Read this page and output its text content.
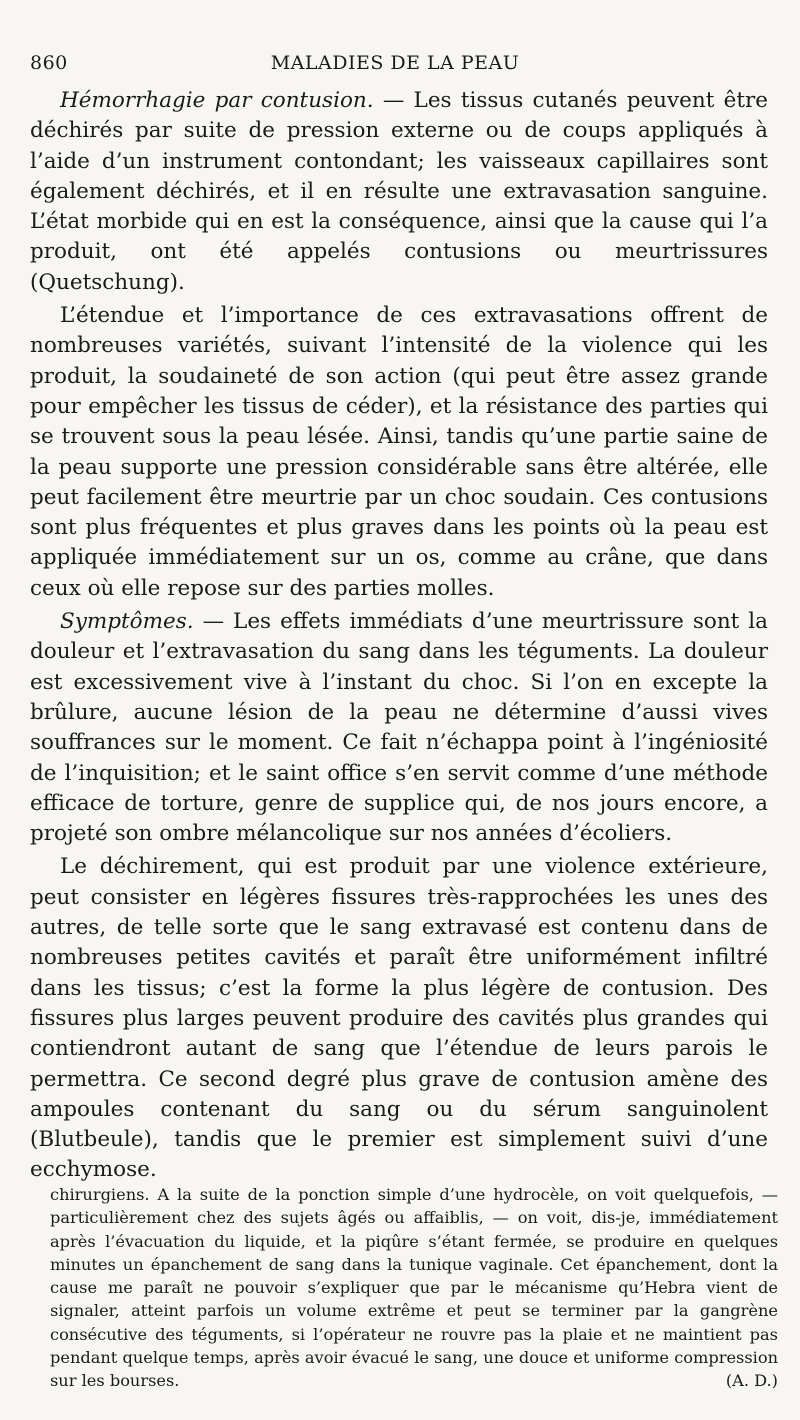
860	MALADIES DE LA PEAU

Hémorrhagie par contusion. — Les tissus cutanés peuvent être déchirés par suite de pression externe ou de coups appliqués à l’aide d’un instrument contondant; les vaisseaux capillaires sont également déchirés, et il en résulte une extravasation sanguine. L’état morbide qui en est la conséquence, ainsi que la cause qui l’a produit, ont été appelés contusions ou meurtrissures (Quetschung).

L’étendue et l’importance de ces extravasations offrent de nombreuses variétés, suivant l’intensité de la violence qui les produit, la soudaineté de son action (qui peut être assez grande pour empêcher les tissus de céder), et la résistance des parties qui se trouvent sous la peau lésée. Ainsi, tandis qu’une partie saine de la peau supporte une pression considérable sans être altérée, elle peut facilement être meurtrie par un choc soudain. Ces contusions sont plus fréquentes et plus graves dans les points où la peau est appliquée immédiatement sur un os, comme au crâne, que dans ceux où elle repose sur des parties molles.

Symptômes. — Les effets immédiats d’une meurtrissure sont la douleur et l’extravasation du sang dans les téguments. La douleur est excessivement vive à l’instant du choc. Si l’on en excepte la brûlure, aucune lésion de la peau ne détermine d’aussi vives souffrances sur le moment. Ce fait n’échappa point à l’ingéniosité de l’inquisition; et le saint office s’en servit comme d’une méthode efficace de torture, genre de supplice qui, de nos jours encore, a projeté son ombre mélancolique sur nos années d’écoliers.

Le déchirement, qui est produit par une violence extérieure, peut consister en légères fissures très-rapprochées les unes des autres, de telle sorte que le sang extravasé est contenu dans de nombreuses petites cavités et paraît être uniformément infiltré dans les tissus; c’est la forme la plus légère de contusion. Des fissures plus larges peuvent produire des cavités plus grandes qui contiendront autant de sang que l’étendue de leurs parois le permettra. Ce second degré plus grave de contusion amène des ampoules contenant du sang ou du sérum sanguinolent (Blutbeule), tandis que le premier est simplement suivi d’une ecchymose.

chirurgiens. A la suite de la ponction simple d’une hydrocèle, on voit quelquefois, — particulièrement chez des sujets âgés ou affaiblis, — on voit, dis-je, immédiatement après l’évacuation du liquide, et la piqûre s’étant fermée, se produire en quelques minutes un épanchement de sang dans la tunique vaginale. Cet épanchement, dont la cause me paraît ne pouvoir s’expliquer que par le mécanisme qu’Hebra vient de signaler, atteint parfois un volume extrême et peut se terminer par la gangrène consécutive des téguments, si l’opérateur ne rouvre pas la plaie et ne maintient pas pendant quelque temps, après avoir évacué le sang, une douce et uniforme compression sur les bourses.	(A. D.)
